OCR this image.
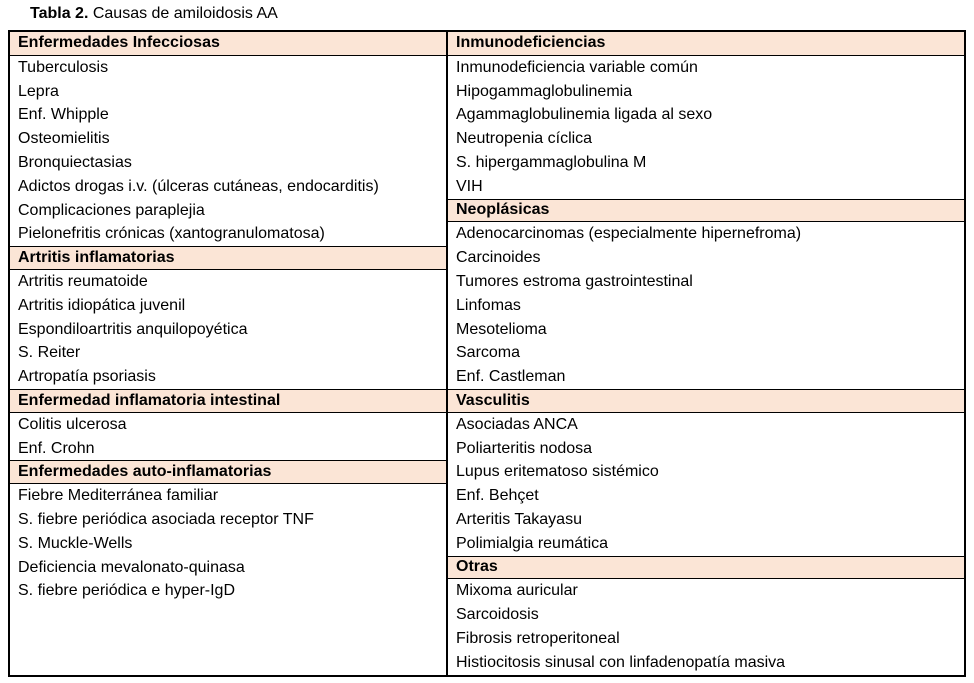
Tabla 2. Causas de amiloidosis AA
Enfermedades Infecciosas
Tuberculosis
Lepra
Enf. Whipple
Osteomielitis
Bronquiectasias
Adictos drogas i.v. (úlceras cutáneas, endocarditis)
Complicaciones paraplejia
Pielonefritis crónicas (xantogranulomatosa)
Artritis inflamatorias
Artritis reumatoide
Artritis idiopática juvenil
Espondiloartritis anquilopoyética
S. Reiter
Artropatía psoriasis
Enfermedad inflamatoria intestinal
Colitis ulcerosa
Enf. Crohn
Enfermedades auto-inflamatorias
Fiebre Mediterránea familiar
S. fiebre periódica asociada receptor TNF
S. Muckle-Wells
Deficiencia mevalonato-quinasa
S. fiebre periódica e hyper-IgD
Inmunodeficiencias
Inmunodeficiencia variable común
Hipogammaglobulinemia
Agammaglobulinemia ligada al sexo
Neutropenia cíclica
S. hipergammaglobulina M
VIH
Neoplásicas
Adenocarcinomas (especialmente hipernefroma)
Carcinoides
Tumores estroma gastrointestinal
Linfomas
Mesotelioma
Sarcoma
Enf. Castleman
Vasculitis
Asociadas ANCA
Poliarteritis nodosa
Lupus eritematoso sistémico
Enf. Behçet
Arteritis Takayasu
Polimialgia reumática
Otras
Mixoma auricular
Sarcoidosis
Fibrosis retroperitoneal
Histiocitosis sinusal con linfadenopatía masiva
